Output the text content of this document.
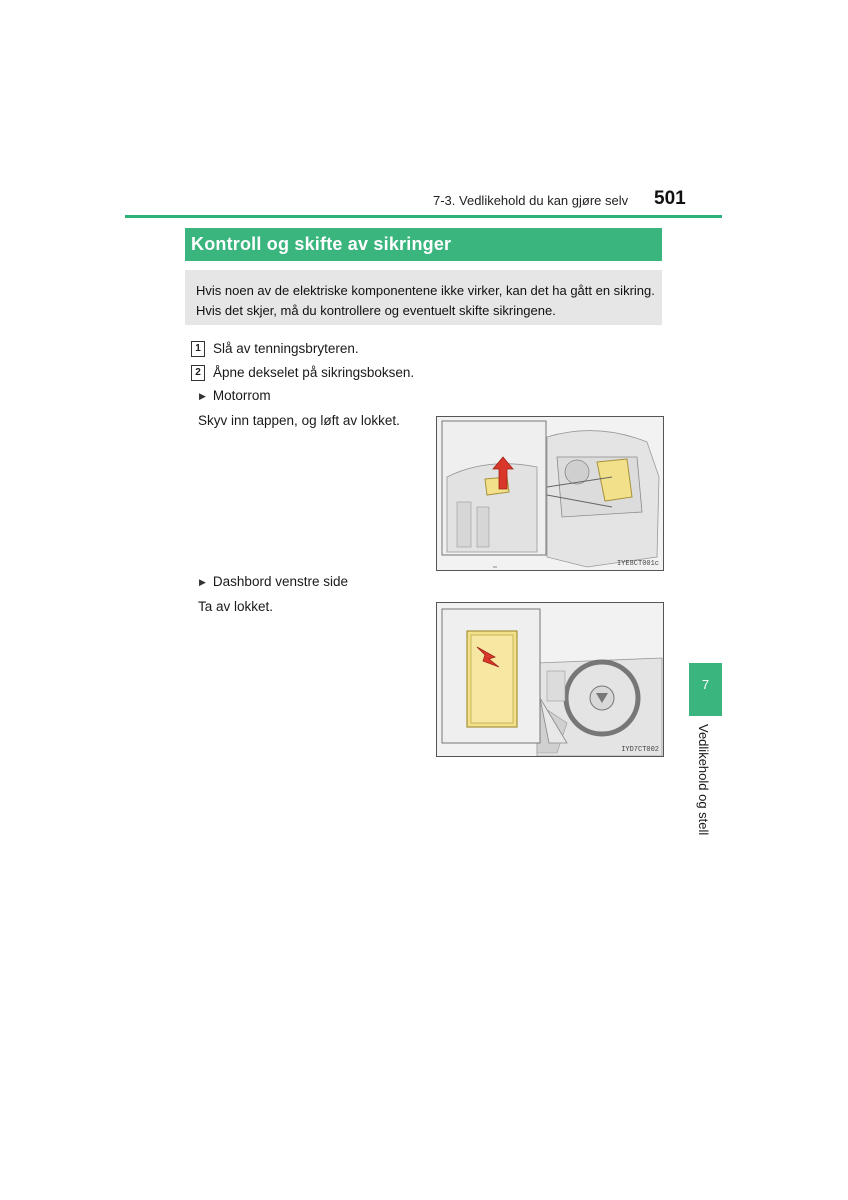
7-3. Vedlikehold du kan gjøre selv 501
Kontroll og skifte av sikringer
Hvis noen av de elektriske komponentene ikke virker, kan det ha gått en sikring. Hvis det skjer, må du kontrollere og eventuelt skifte sikringene.
1 Slå av tenningsbryteren.
2 Åpne dekselet på sikringsboksen.
▶ Motorrom
Skyv inn tappen, og løft av lokket.
IYE8CT001c
▶ Dashbord venstre side
Ta av lokket.
IYD7CT002
7
Vedlikehold og stell
